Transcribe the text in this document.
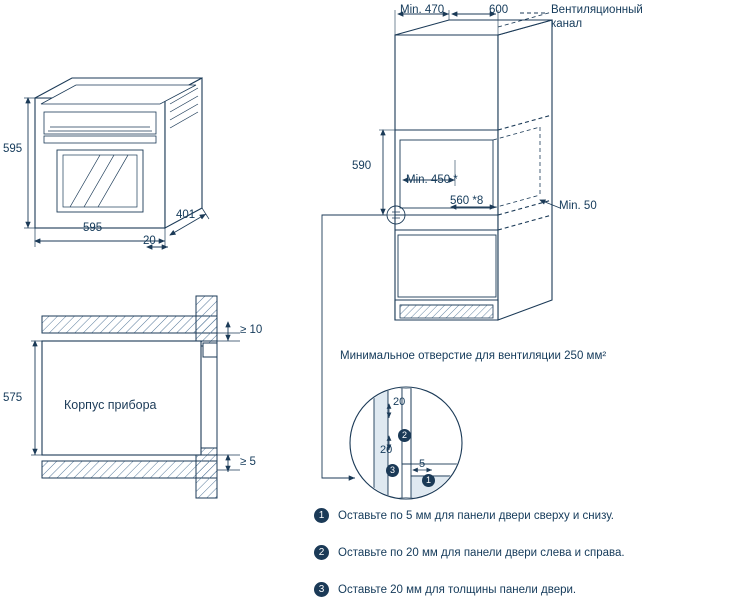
595
595
401
20
Корпус прибора
575
≥ 10
≥ 5
Min. 470	600	Вентиляционный
канал
590
Min. 450 *
560 *8	Min. 50
Минимальное отверстие для вентиляции 250 мм²
20
20
5
2
3
1
1	Оставьте по 5 мм для панели двери сверху и снизу.
2	Оставьте по 20 мм для панели двери слева и справа.
3	Оставьте 20 мм для толщины панели двери.
